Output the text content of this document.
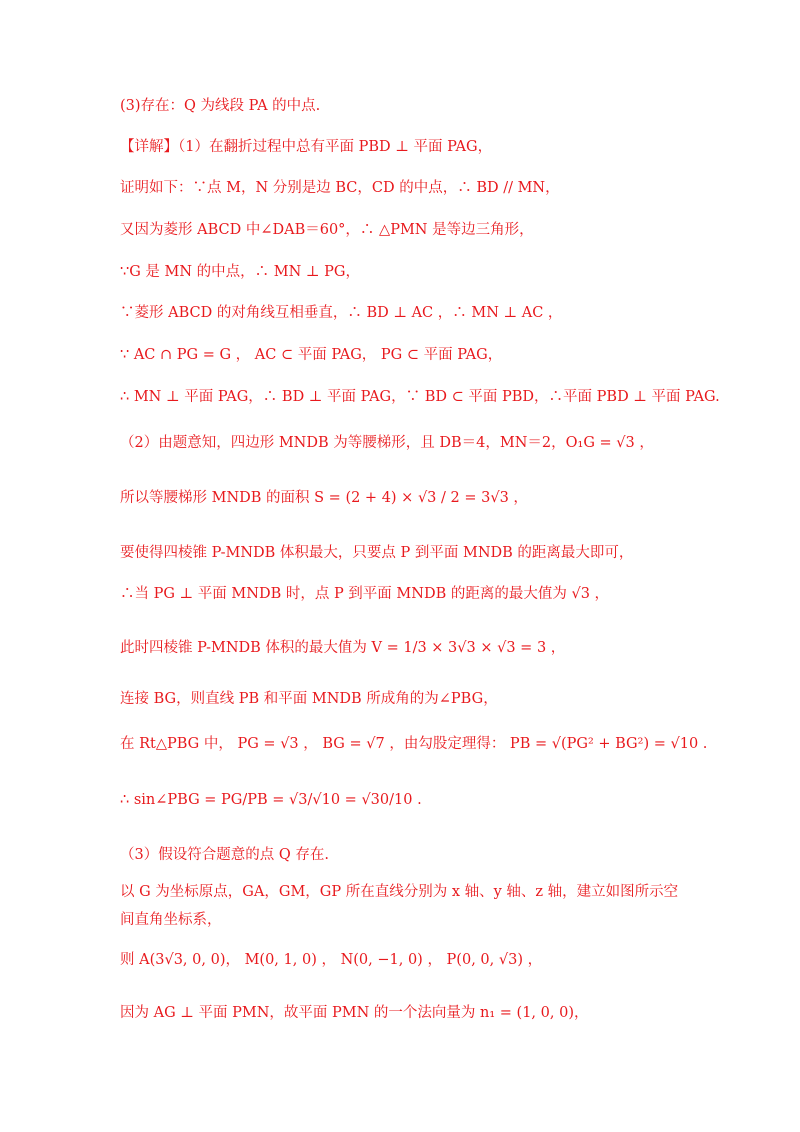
(3)存在：Q 为线段 PA 的中点.
【详解】（1）在翻折过程中总有平面 PBD ⊥ 平面 PAG，
证明如下：∵点 M，N 分别是边 BC，CD 的中点，∴ BD // MN，
又因为菱形 ABCD 中∠DAB＝60°，∴ △PMN 是等边三角形，
∵G 是 MN 的中点，∴ MN ⊥ PG，
∵菱形 ABCD 的对角线互相垂直，∴ BD ⊥ AC ，∴ MN ⊥ AC ，
∵ AC ∩ PG = G ， AC ⊂ 平面 PAG， PG ⊂ 平面 PAG，
∴ MN ⊥ 平面 PAG，∴ BD ⊥ 平面 PAG，∵ BD ⊂ 平面 PBD，∴平面 PBD ⊥ 平面 PAG.
（2）由题意知，四边形 MNDB 为等腰梯形，且 DB＝4，MN＝2，O₁G = √3 ，
所以等腰梯形 MNDB 的面积 S = (2 + 4) × √3 / 2 = 3√3 ，
要使得四棱锥 P-MNDB 体积最大，只要点 P 到平面 MNDB 的距离最大即可，
∴当 PG ⊥ 平面 MNDB 时，点 P 到平面 MNDB 的距离的最大值为 √3 ，
此时四棱锥 P-MNDB 体积的最大值为 V = 1/3 × 3√3 × √3 = 3 ，
连接 BG，则直线 PB 和平面 MNDB 所成角的为∠PBG，
在 Rt△PBG 中， PG = √3 ， BG = √7 ，由勾股定理得： PB = √(PG² + BG²) = √10 .
∴ sin∠PBG = PG/PB = √3/√10 = √30/10 .
（3）假设符合题意的点 Q 存在.
以 G 为坐标原点，GA，GM，GP 所在直线分别为 x 轴、y 轴、z 轴，建立如图所示空间直角坐标系，
则 A(3√3, 0, 0)， M(0, 1, 0) ， N(0, −1, 0) ， P(0, 0, √3) ，
因为 AG ⊥ 平面 PMN，故平面 PMN 的一个法向量为 n₁ = (1, 0, 0)，
